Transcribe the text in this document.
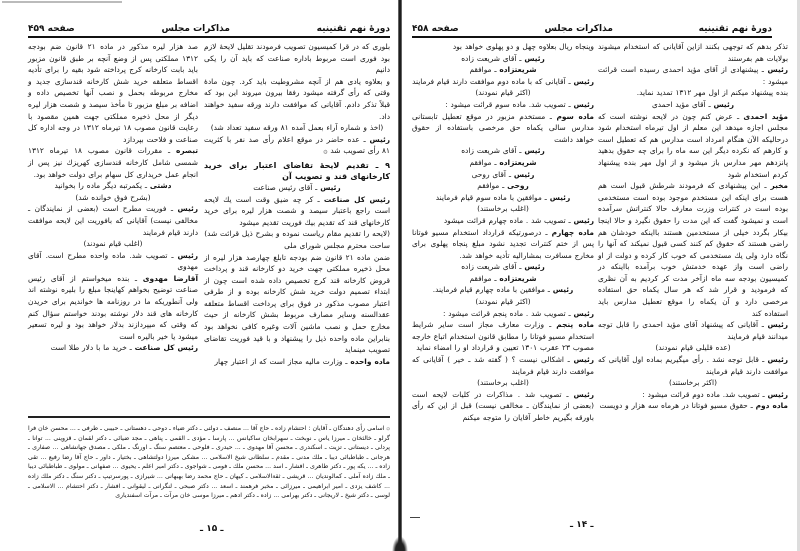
دورهٔ نهم تقنینیه
مذاکرات مجلس
صفحه ۴۵۹

بلوری که در قرا کمیسیون تصویب فرمودند تقلیل لایحهٔ لازم بود فوری است مربوط باداره صناعت که باید آن را یکی دانیم

و بعلاوه یادی هم از آنچه مشروطیت باید کرد. چون مادهٔ وقتی که رأی گرفته میشود رفقا بیرون میروند این بود که قبلاً تذکر دادم. آقایانی که موافقت دارند ورقه سفید خواهند داد.

(اخذ و شماره آراء بعمل آمده ۸۱ ورقه سفید تعداد شد)

رئیس ـ عده حاضر در موقع اعلام رأی صد نفر با کثریت ۸۱ رأی تصویب شد ۞

۹ ـ تقدیم لایحهٔ تقاضای اعتبار برای خرید کارخانهای قند و تصویب آن

رئیس ـ آقای رئیس صناعت

رئیس کل صناعت ـ کر چه ضیق وقت است یك لایحه است راجع باعتبار سیصد و شصت هزار لیره برای خرید کارخانهای قند که تقدیم بیك فوریت تقدیم میشود

(لایحه را تقدیم مقام ریاست نموده و بشرح ذیل قرائت شد)

ساحت محترم مجلس شورای ملی

ضمن ماده ۲۱ قانون ضم بودجه تابلغ چهارصد هزار لیره از محل ذخیره مملکتی جهت خرید دو کارخانه قند و پرداخت قروض کارخانه قند کرج تخصیص داده شده است چون از ابتداء تصمیم دولت خرید شش کارخانه بوده و از طرفی اعتبار مصوب مذکور در فوق برای پرداخت اقساط متعلقه عقدالسنه وسایر مصارف مربوط بشش کارخانه از حیث مخارج حمل و نصب ماشین آلات وغیره کافی نخواهد بود بنابراین ماده واحده ذیل را پیشنهاد و با قید فوریت تقاضای تصویب مینماید

ماده واحده ـ وزارت مالیه مجاز است که از اعتبار چهار

صد هزار لیره مذکور در ماده ۲۱ قانون ضم بودجه ۱۳۱۲ مملکتی پس از وضع آنچه بر طبق قانون مزبور باید بابت کارخانه کرج پرداخته شود بقیه را برای تأدیه اقساط متعلقه خرید شش کارخانه قندسازی جدید و مخارج مربوطه بحمل و نصب آنها تخصیص داده و اضافه بر مبلغ مزبور تا مأخذ سیصد و شصت هزار لیره دیگر از محل ذخیره مملکتی جهت همین مقصود با رعایت قانون مصوب ۱۸ تیرماه ۱۳۱۲ در وجه اداره کل صناعت و فلاحت بپردازد

تبصره ـ مقررات قانون مصوب ۱۸ تیرماه ۱۳۱۲ شمسی شامل کارخانه قندسازی کهریزك نیز پس از انجام عمل خریداری کل سهام برای دولت خواهد بود.

دشتی ـ یکمرتبه دیگر ماده را بخوانید

(بشرح فوق خوانده شد)

رئیس ـ فوریت مطرح است (بعضی از نمایندگان ـ مخالفی نیست) آقایانی که بافوریت این لایحه موافقت دارند قیام فرمایند

(اغلب قیام نمودند)

رئیس ـ تصویب شد. ماده واحده مطرح است. آقای مهدوی

آقارضا مهدوی ـ بنده میخواستم از آقای رئیس صناعت توضیح بخواهم کهاینجا مبلغ را بلیره نوشته اند ولی آنطوریکه ما در روزنامه ها خواندیم برای خریدن کارخانه های قند دلار نوشته بودند خواستم سؤال کنم که وقتی که میپردازند بدلار خواهد بود و لیره تسعیر میشود یا خیر بالیره است

رئیس کل صناعت ـ خرید ما با دلار طلا است

۞ اسامی رأی دهندگان ـ آقایان : احتشام زاده ـ حاج آقا ... منصف ـ دولتی ـ دکتر ضیاء ـ دوحی ـ دهستانی ـ حبیبی ـ طرفی ـ ... محسن خان فرا گرلو ـ خالثخان ـ میرزا یاس ـ نوبخت ـ سهرابخان ساکیانس ... پارسا ـ مؤدی ـ القمی ـ پناهی ـ مجد ضیائی ـ دکتر لقمان ـ قزوینی ... توانا ـ پردلی ـ دیستانی ـ تزیت ـ اسکندری ـ محسن آقا مهدوی ـ ... حیدری ـ فلوحی ـ معتصم سنگ ـ اورنگ ـ ملکی ـ مصدق جهانشاهی ... صفاری ـ هرجانی ـ طباطبائی دیبا ـ ملك مدنی ـ مقدم ـ سلطانی شیخ الاسلامی ... مشکی میرزا دولتشاهی ـ بختیار ـ داور ـ حاج آقا رضا رفیع ... تقی زاده ـ ... یکه پور ـ دکتر طاهری ـ افشار ـ اسد ... محسن ملك ـ فومی ـ شواجوی ـ دکتر امیر اعلم ـ یحیوی ... صفهانی ـ مولوی ـ طباطبائی دیبا ـ ملك زاده آملی ـ کمالوندیان ... قریشی ـ ثقةالاسلامی ـ کیهان ـ حاج محمد رضا بهبهانی ... شیرازی ـ پورسرتیپ ـ دکتر سنگ ـ دکتر ملك زاده ... کاشف یزدی ـ امیر ابراهیمی ـ میرزائی ـ مخبر فرهمند ـ اسعد ... دکتر صبحی ـ لنگرانی ـ لیقوانی ـ افشار ـ دکتر احتشام ... الاسلامی ـ لوسی ـ دکتر شیخ ـ لاریجانی ـ دکتر بهرامی ... زاده ـ دکتر ادهم ـ میرزا موسی خان مرآت ـ مرآت اسفندیاری
ـ ۱۵ ـ
دورهٔ نهم تقنینیه
مذاکرات مجلس
صفحه ۴۵۸

تذکر بدهم که توجهی بکنند ازاین آقایانی که استخدام میشوند بولایات هم بفرستند

رئیس ـ پیشنهادی از آقای مؤید احمدی رسیده است قرائت میشود :

بنده پیشنهاد میکنم از اول مهر ۱۳۱۲ تمدید نماید.

رئیس ـ آقای مؤید احمدی

مؤید احمدی ـ عرض کنم چون در لایحه نوشته است که مجلس اجازه میدهد این معلم از اول تیرماه استخدام شود درحالیکه الآن هنگام امرداد است مدارس هم که تعطیل است و کارهم که نکرده دیگر این سه ماه را برای چه حقوق بدهید پانزدهم مهر مدارس باز میشود و از اول مهر بنده پیشنهاد کردم استخدام شود

مخبر ـ این پیشنهادی که فرمودند شرطش قبول است هم هست برای اینکه این مستخدم موجود بوده است مستخدمی بوده است در کنترات وزرت معارف حالا کنتراتش سرآمده است و نمیشود گفت که این مدت را حقوق نگیرد و حالا اینجا بیکار بگردد خیلی از مستخدمین هستند بااینکه خودشان هم راضی هستند که حقوق کم کنند کسی قبول نمیکند که آنها را نگاه دارد ولی یك مستخدمی که خوب کار کرده و دولت از او راضی است واز عهده خدمتش خوب برآمده بااینکه در کمیسیون بودجه سه ماه ازآخر مدت کر کردیم به آن نظری که فرمودید و قرار شد که هر سال یکماه حق استفاده مرخصی دارد و آن یکماه را موقع تعطیل مدارس باید استفاده کند

رئیس ـ آقایانی که پیشنهاد آقای مؤید احمدی را قابل توجه میدانند قیام فرمایند

(عده قلیلی قیام نمودند)

رئیس ـ قابل توجه نشد . رأی میگیریم بماده اول آقایانی که موافقت دارند قیام فرمایند

(اکثر برخاستند)

رئیس ـ تصویب شد. ماده دوم قرائت میشود :

ماده دوم ـ حقوق مسیو فوتانا در هرماه سه هزار و دویست

وپنجاه ریال بعلاوه چهل و دو پهلوی خواهد بود

رئیس ـ آقای شریعت زاده

شریعتزاده ـ موافقم

رئیس ـ آقایانی که با ماده دوم موافقت دارند قیام فرمایند

(اکثر قیام نمودند)

رئیس ـ تصویب شد. ماده سوم قرائت میشود :

ماده سوم ـ مستخدم مزبور در موقع تعطیل تابستانی مدارس سالی یکماه حق مرخصی باستفاده از حقوق خواهد داشت

رئیس ـ آقای شریعت زاده

شریعتزاده ـ موافقم

رئیس ـ آقای روحی

روحی ـ موافقم

رئیس ـ موافقین با ماده سوم قیام فرمایند

(اغلب برخاستند)

رئیس ـ تصویب شد . ماده چهارم قرائت میشود

ماده چهارم ـ درصورتیکه قرارداد استخدام مسیو فوتانا پس از ختم کنترات تجدید نشود مبلغ پنجاه پهلوی برای مخارج مسافرت بمشارالیه تأدیه خواهد شد.

رئیس ـ آقای شریعت زاده

شریعتزاده ـ موافقم

رئیس ـ موافقین با ماده چهارم قیام فرمایند.

(اکثر قیام نمودند)

رئیس ـ تصویب شد . ماده پنجم قرائت میشود :

ماده پنجم ـ وزارت معارف مجاز است سایر شرایط استخدام مسیو فوتانا را مطابق قانون استخدام اتباع خارجه مصوب ۲۳ عقرب ۱۳۰۱ تعیین و قرارداد او را امضاء نماید

رئیس ـ اشکالی نیست ؟ ( گفته شد ـ خیر ) آقایانی که موافقت دارند قیام فرمایند

(اغلب برخاستند)

رئیس ـ تصویب شد . مذاکرات در کلیات لایحه است (بعضی از نمایندگان ـ مخالفی نیست) قبل از این که رأی باورقه بگیریم خاطر آقایان را متوجه میکنم

ـ ۱۴ ـ
